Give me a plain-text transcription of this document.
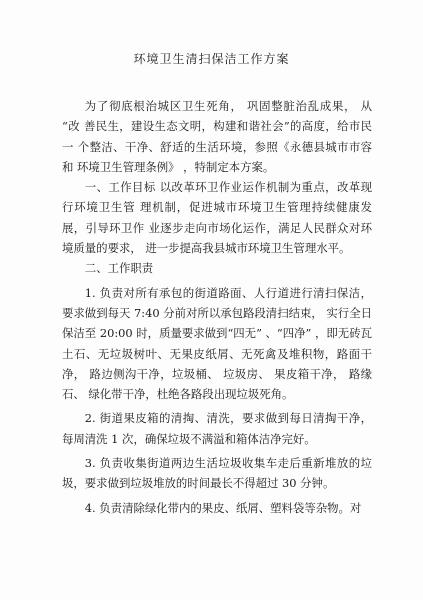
环境卫生清扫保洁工作方案

为了彻底根治城区卫生死角， 巩固整脏治乱成果， 从 “改 善民生，建设生态文明，构建和谐社会”的高度，给市民一 个整洁、干净、舒适的生活环境，参照《永德县城市市容和 环境卫生管理条例》 ，特制定本方案。

一、工作目标 以改革环卫作业运作机制为重点，改革现行环境卫生管 理机制，促进城市环境卫生管理持续健康发展，引导环卫作 业逐步走向市场化运作，满足人民群众对环境质量的要求， 进一步提高我县城市环境卫生管理水平。

二、工作职责

1. 负责对所有承包的街道路面、人行道进行清扫保洁，要求做到每天 7:40 分前对所以承包路段清扫结束， 实行全日 保洁至 20:00 时，质量要求做到“四无” 、“四净” ，即无砖瓦 土石、无垃圾树叶、无果皮纸屑、无死禽及堆积物，路面干 净， 路边侧沟干净，垃圾桶、 垃圾房、 果皮箱干净， 路缘石、 绿化带干净，杜绝各路段出现垃圾死角。

2. 街道果皮箱的清掏、清洗，要求做到每日清掏干净，每周清洗 1 次，确保垃圾不满溢和箱体洁净完好。

3. 负责收集街道两边生活垃圾收集车走后重新堆放的垃圾，要求做到垃圾堆放的时间最长不得超过 30 分钟。

4. 负责清除绿化带内的果皮、纸屑、塑料袋等杂物。对
